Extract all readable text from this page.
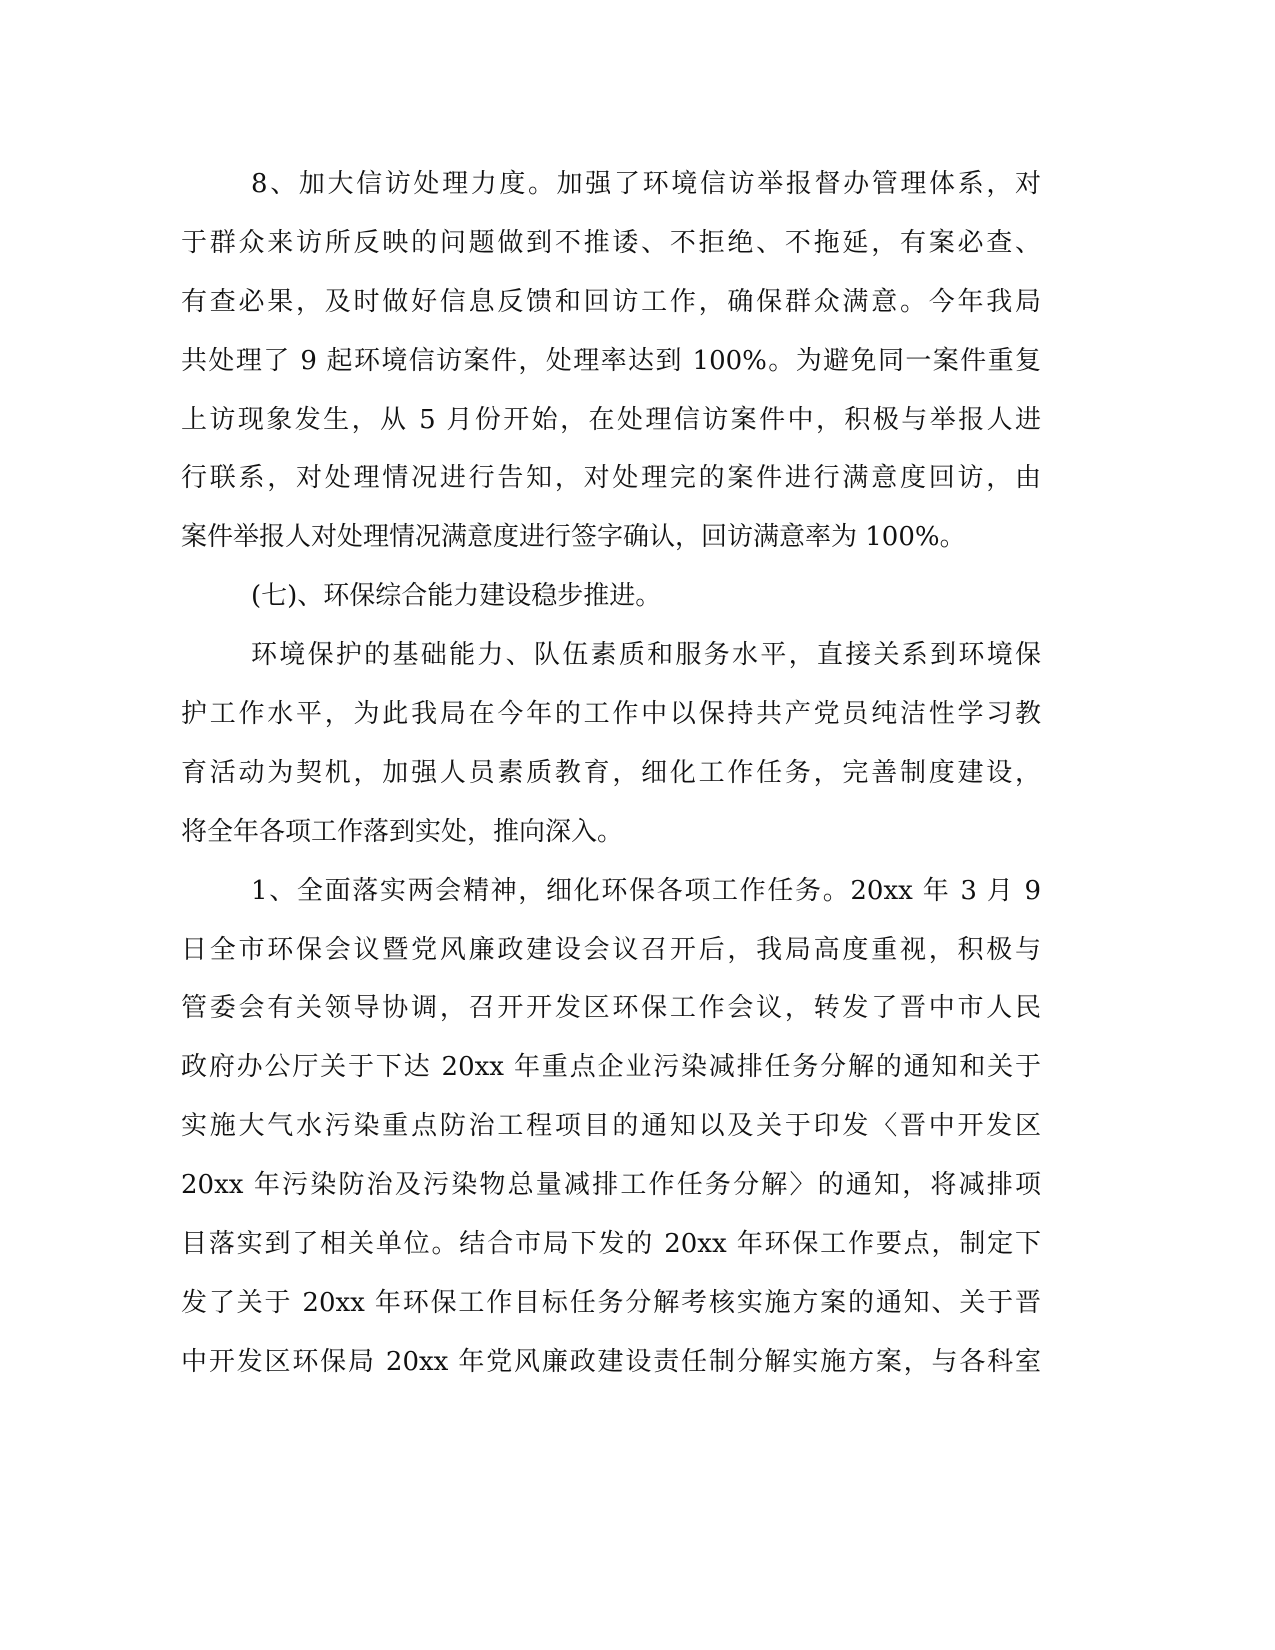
8、加大信访处理力度。加强了环境信访举报督办管理体系，对
于群众来访所反映的问题做到不推诿、不拒绝、不拖延，有案必查、
有查必果，及时做好信息反馈和回访工作，确保群众满意。今年我局
共处理了 9 起环境信访案件，处理率达到 100%。为避免同一案件重复
上访现象发生，从 5 月份开始，在处理信访案件中，积极与举报人进
行联系，对处理情况进行告知，对处理完的案件进行满意度回访，由
案件举报人对处理情况满意度进行签字确认，回访满意率为 100%。
(七)、环保综合能力建设稳步推进。
环境保护的基础能力、队伍素质和服务水平，直接关系到环境保
护工作水平，为此我局在今年的工作中以保持共产党员纯洁性学习教
育活动为契机，加强人员素质教育，细化工作任务，完善制度建设，
将全年各项工作落到实处，推向深入。
1、全面落实两会精神，细化环保各项工作任务。20xx 年 3 月 9
日全市环保会议暨党风廉政建设会议召开后，我局高度重视，积极与
管委会有关领导协调，召开开发区环保工作会议，转发了晋中市人民
政府办公厅关于下达 20xx 年重点企业污染减排任务分解的通知和关于
实施大气水污染重点防治工程项目的通知以及关于印发〈晋中开发区
20xx 年污染防治及污染物总量减排工作任务分解〉的通知，将减排项
目落实到了相关单位。结合市局下发的 20xx 年环保工作要点，制定下
发了关于 20xx 年环保工作目标任务分解考核实施方案的通知、关于晋
中开发区环保局 20xx 年党风廉政建设责任制分解实施方案，与各科室
